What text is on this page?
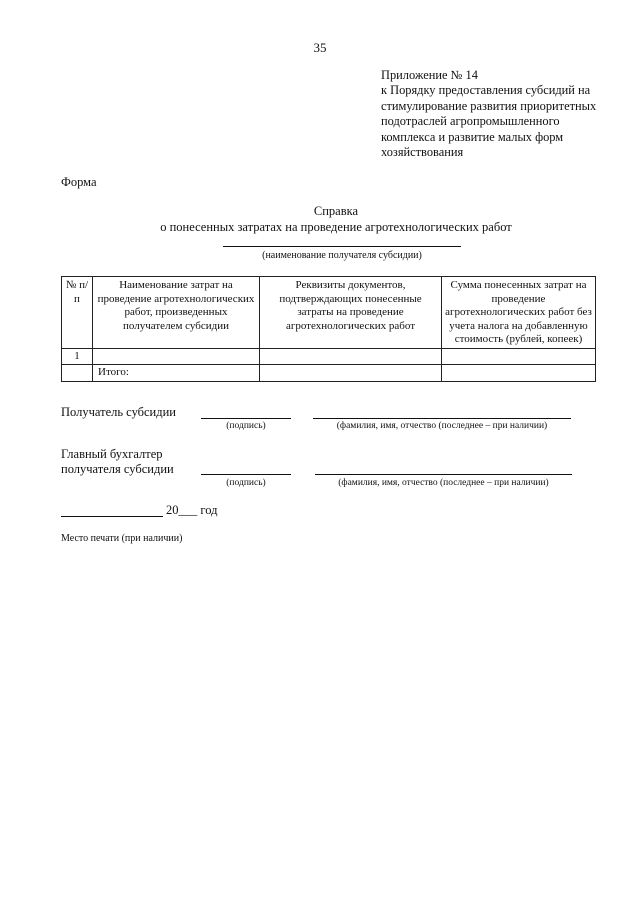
35
Приложение № 14
к Порядку предоставления субсидий на
стимулирование развития приоритетных
подотраслей агропромышленного
комплекса и развитие малых форм
хозяйствования
Форма
Справка
о понесенных затратах на проведение агротехнологических работ
(наименование получателя субсидии)
№ п/п	Наименование затрат на проведение агротехнологических работ, произведенных получателем субсидии	Реквизиты документов, подтверждающих понесенные затраты на проведение агротехнологических работ	Сумма понесенных затрат на проведение агротехнологических работ без учета налога на добавленную стоимость (рублей, копеек)
1			
	Итого:		
Получатель субсидии
(подпись)	(фамилия, имя, отчество (последнее – при наличии)
Главный бухгалтер
получателя субсидии
(подпись)	(фамилия, имя, отчество (последнее – при наличии)
20___ год
Место печати (при наличии)
